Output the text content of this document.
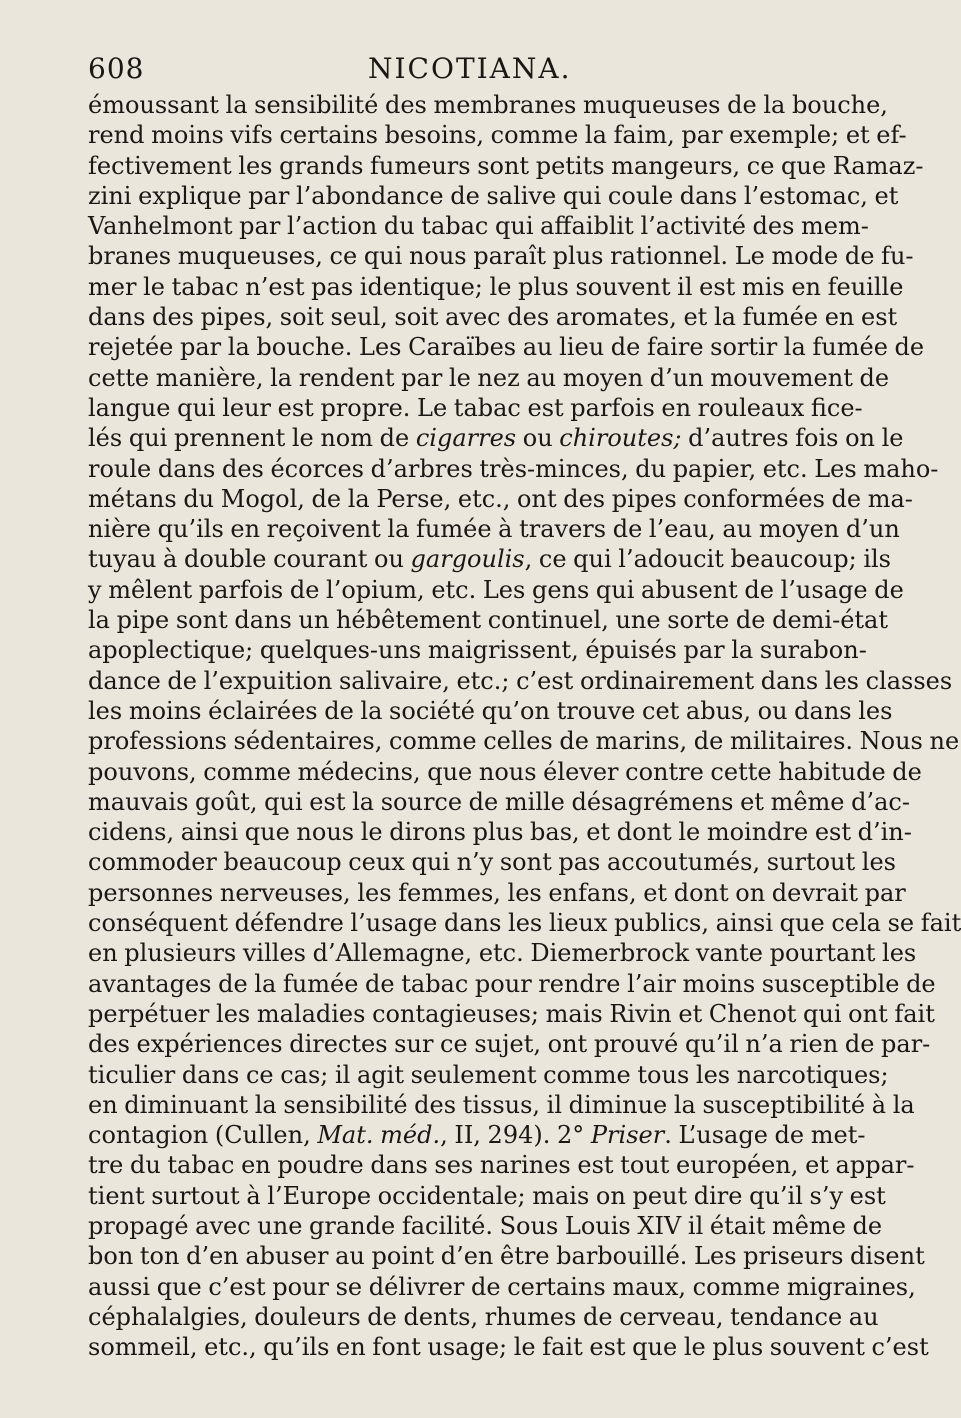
608	NICOTIANA.
émoussant la sensibilité des membranes muqueuses de la bouche,
rend moins vifs certains besoins, comme la faim, par exemple; et ef-
fectivement les grands fumeurs sont petits mangeurs, ce que Ramaz-
zini explique par l’abondance de salive qui coule dans l’estomac, et
Vanhelmont par l’action du tabac qui affaiblit l’activité des mem-
branes muqueuses, ce qui nous paraît plus rationnel. Le mode de fu-
mer le tabac n’est pas identique; le plus souvent il est mis en feuille
dans des pipes, soit seul, soit avec des aromates, et la fumée en est
rejetée par la bouche. Les Caraïbes au lieu de faire sortir la fumée de
cette manière, la rendent par le nez au moyen d’un mouvement de
langue qui leur est propre. Le tabac est parfois en rouleaux fice-
lés qui prennent le nom de cigarres ou chiroutes; d’autres fois on le
roule dans des écorces d’arbres très-minces, du papier, etc. Les maho-
métans du Mogol, de la Perse, etc., ont des pipes conformées de ma-
nière qu’ils en reçoivent la fumée à travers de l’eau, au moyen d’un
tuyau à double courant ou gargoulis, ce qui l’adoucit beaucoup; ils
y mêlent parfois de l’opium, etc. Les gens qui abusent de l’usage de
la pipe sont dans un hébêtement continuel, une sorte de demi-état
apoplectique; quelques-uns maigrissent, épuisés par la surabon-
dance de l’expuition salivaire, etc.; c’est ordinairement dans les classes
les moins éclairées de la société qu’on trouve cet abus, ou dans les
professions sédentaires, comme celles de marins, de militaires. Nous ne
pouvons, comme médecins, que nous élever contre cette habitude de
mauvais goût, qui est la source de mille désagrémens et même d’ac-
cidens, ainsi que nous le dirons plus bas, et dont le moindre est d’in-
commoder beaucoup ceux qui n’y sont pas accoutumés, surtout les
personnes nerveuses, les femmes, les enfans, et dont on devrait par
conséquent défendre l’usage dans les lieux publics, ainsi que cela se fait
en plusieurs villes d’Allemagne, etc. Diemerbrock vante pourtant les
avantages de la fumée de tabac pour rendre l’air moins susceptible de
perpétuer les maladies contagieuses; mais Rivin et Chenot qui ont fait
des expériences directes sur ce sujet, ont prouvé qu’il n’a rien de par-
ticulier dans ce cas; il agit seulement comme tous les narcotiques;
en diminuant la sensibilité des tissus, il diminue la susceptibilité à la
contagion (Cullen, Mat. méd., II, 294). 2° Priser. L’usage de met-
tre du tabac en poudre dans ses narines est tout européen, et appar-
tient surtout à l’Europe occidentale; mais on peut dire qu’il s’y est
propagé avec une grande facilité. Sous Louis XIV il était même de
bon ton d’en abuser au point d’en être barbouillé. Les priseurs disent
aussi que c’est pour se délivrer de certains maux, comme migraines,
céphalalgies, douleurs de dents, rhumes de cerveau, tendance au
sommeil, etc., qu’ils en font usage; le fait est que le plus souvent c’est
